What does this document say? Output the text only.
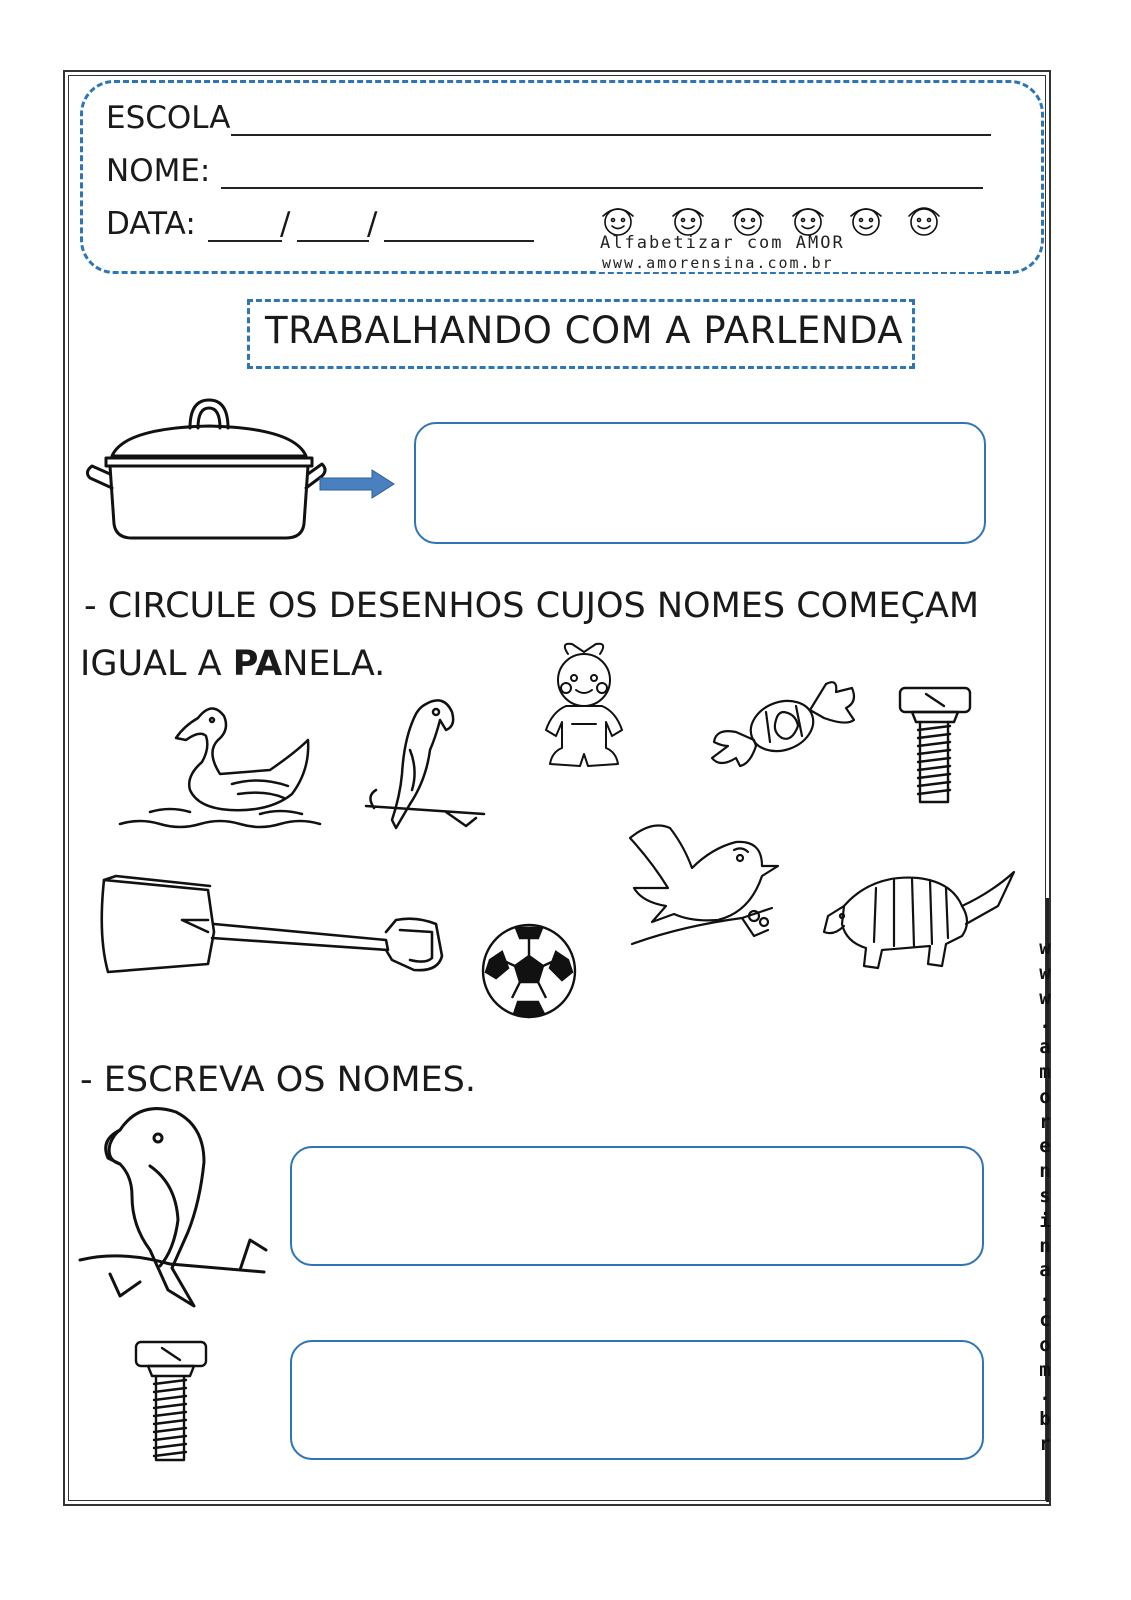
ESCOLA
NOME:
DATA:	/ /
Alfabetizar com AMOR
www.amorensina.com.br
TRABALHANDO COM A PARLENDA
- CIRCULE OS DESENHOS CUJOS NOMES COMEÇAM
IGUAL A PANELA.
- ESCREVA OS NOMES.
w
w
w
.
a
m
o
r
e
n
s
i
n
a
.
c
o
m
.
b
r
